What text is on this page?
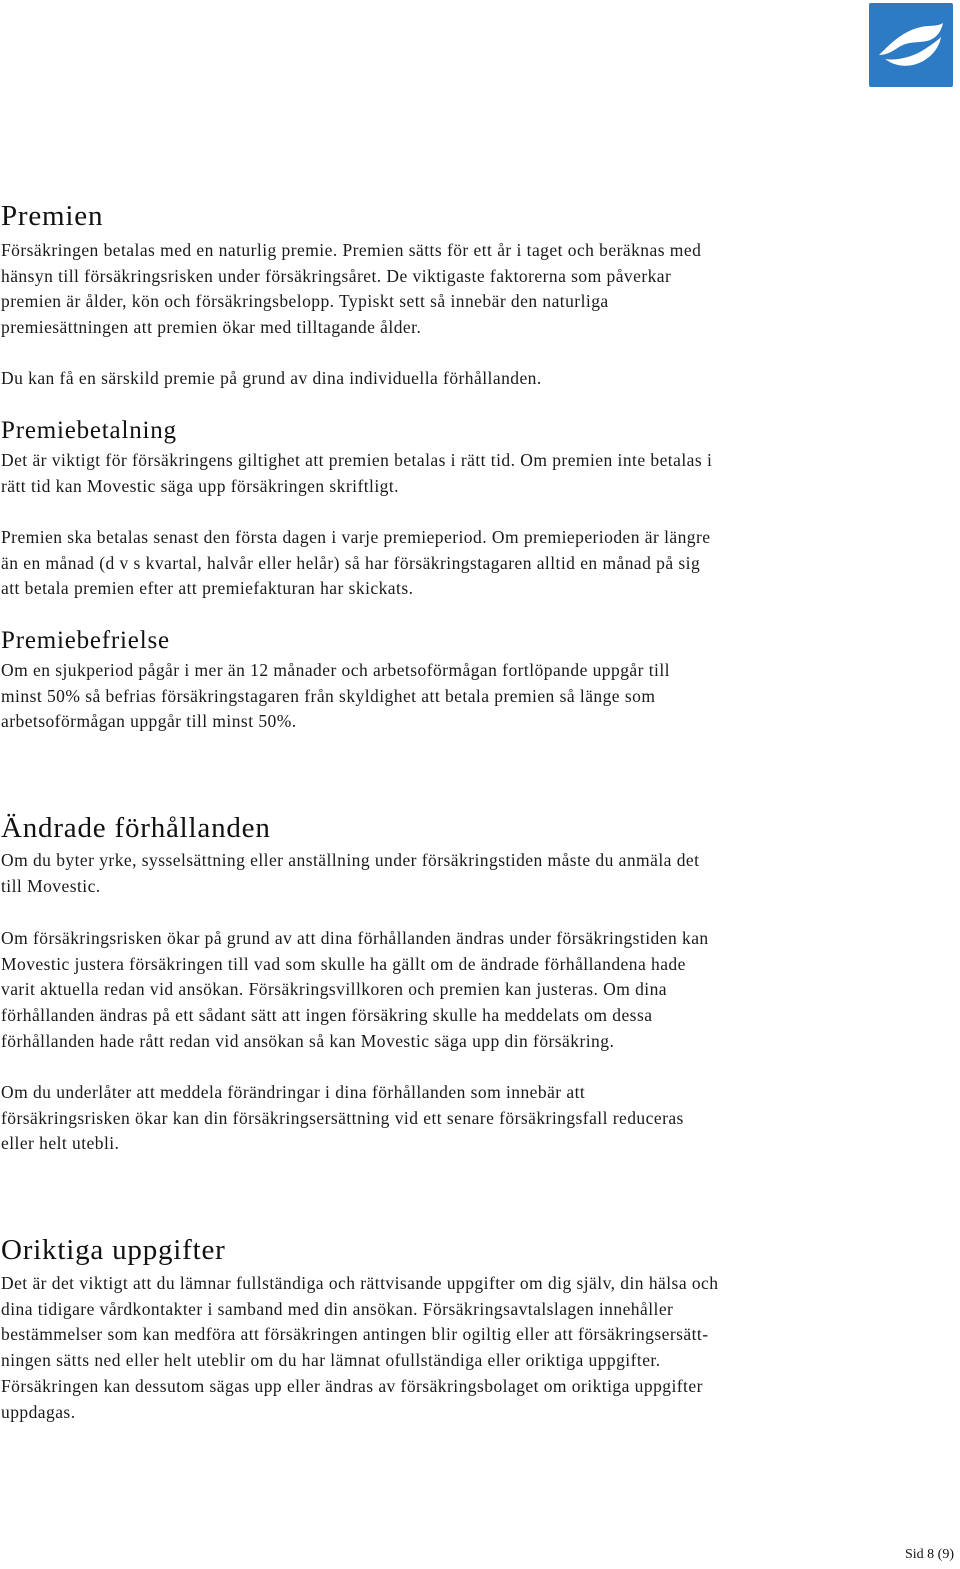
Premien

Försäkringen betalas med en naturlig premie. Premien sätts för ett år i taget och beräknas med
hänsyn till försäkringsrisken under försäkringsåret. De viktigaste faktorerna som påverkar
premien är ålder, kön och försäkringsbelopp. Typiskt sett så innebär den naturliga
premiesättningen att premien ökar med tilltagande ålder.

Du kan få en särskild premie på grund av dina individuella förhållanden.

Premiebetalning

Det är viktigt för försäkringens giltighet att premien betalas i rätt tid. Om premien inte betalas i
rätt tid kan Movestic säga upp försäkringen skriftligt.

Premien ska betalas senast den första dagen i varje premieperiod. Om premieperioden är längre
än en månad (d v s kvartal, halvår eller helår) så har försäkringstagaren alltid en månad på sig
att betala premien efter att premiefakturan har skickats.

Premiebefrielse

Om en sjukperiod pågår i mer än 12 månader och arbetsoförmågan fortlöpande uppgår till
minst 50% så befrias försäkringstagaren från skyldighet att betala premien så länge som
arbetsoförmågan uppgår till minst 50%.

Ändrade förhållanden

Om du byter yrke, sysselsättning eller anställning under försäkringstiden måste du anmäla det
till Movestic.

Om försäkringsrisken ökar på grund av att dina förhållanden ändras under försäkringstiden kan
Movestic justera försäkringen till vad som skulle ha gällt om de ändrade förhållandena hade
varit aktuella redan vid ansökan. Försäkringsvillkoren och premien kan justeras. Om dina
förhållanden ändras på ett sådant sätt att ingen försäkring skulle ha meddelats om dessa
förhållanden hade rått redan vid ansökan så kan Movestic säga upp din försäkring.

Om du underlåter att meddela förändringar i dina förhållanden som innebär att
försäkringsrisken ökar kan din försäkringsersättning vid ett senare försäkringsfall reduceras
eller helt utebli.

Oriktiga uppgifter

Det är det viktigt att du lämnar fullständiga och rättvisande uppgifter om dig själv, din hälsa och
dina tidigare vårdkontakter i samband med din ansökan. Försäkringsavtalslagen innehåller
bestämmelser som kan medföra att försäkringen antingen blir ogiltig eller att försäkringsersätt-
ningen sätts ned eller helt uteblir om du har lämnat ofullständiga eller oriktiga uppgifter.
Försäkringen kan dessutom sägas upp eller ändras av försäkringsbolaget om oriktiga uppgifter
uppdagas.

Sid 8 (9)
